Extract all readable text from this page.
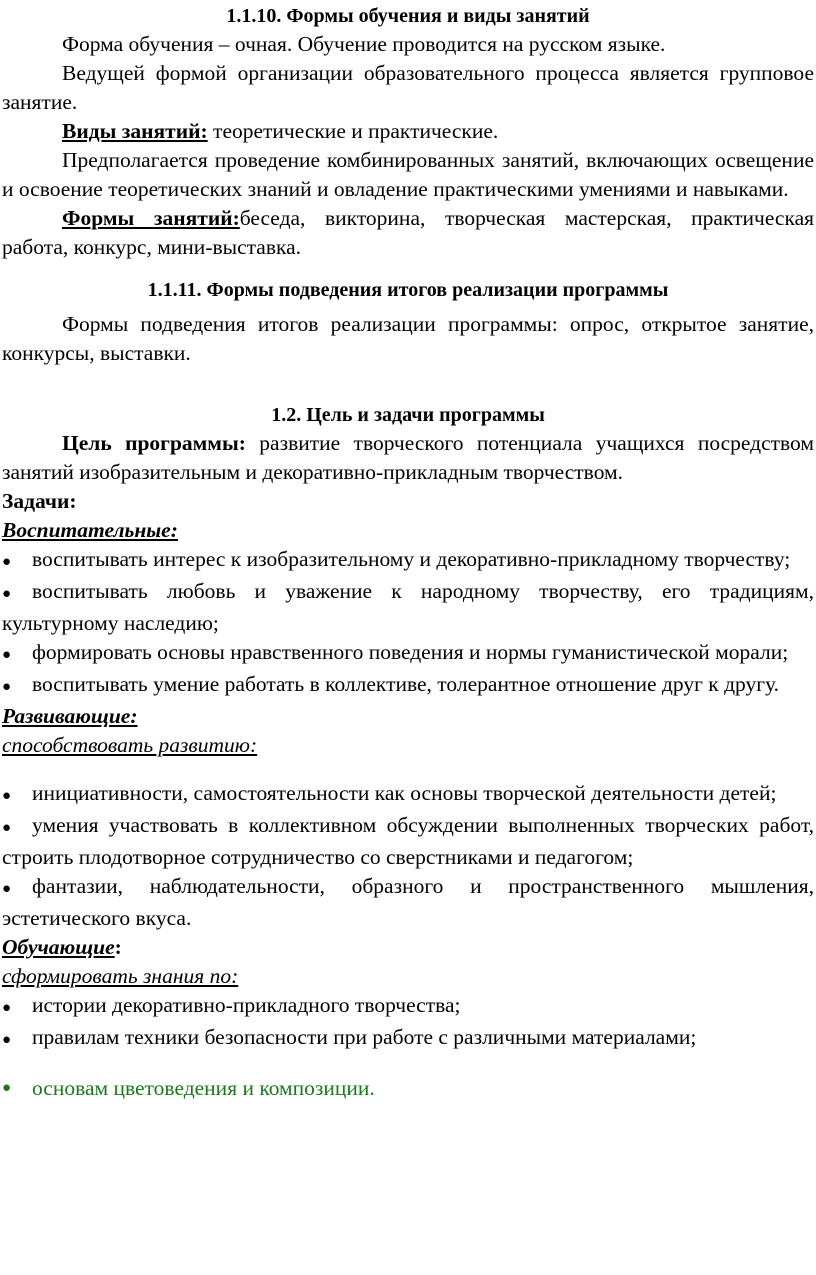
1.1.10. Формы обучения и виды занятий

Форма обучения – очная. Обучение проводится на русском языке.

Ведущей формой организации образовательного процесса является групповое занятие.

Виды занятий: теоретические и практические.

Предполагается проведение комбинированных занятий, включающих освещение и освоение теоретических знаний и овладение практическими умениями и навыками.

Формы занятий:беседа, викторина, творческая мастерская, практическая работа, конкурс, мини-выставка.

1.1.11. Формы подведения итогов реализации программы

Формы подведения итогов реализации программы: опрос, открытое занятие, конкурсы, выставки.

1.2. Цель и задачи программы

Цель программы: развитие творческого потенциала учащихся посредством занятий изобразительным и декоративно-прикладным творчеством.

Задачи:

Воспитательные:

● воспитывать интерес к изобразительному и декоративно-прикладному творчеству;
● воспитывать любовь и уважение к народному творчеству, его традициям, культурному наследию;
● формировать основы нравственного поведения и нормы гуманистической морали;
● воспитывать умение работать в коллективе, толерантное отношение друг к другу.

Развивающие:

способствовать развитию:

● инициативности, самостоятельности как основы творческой деятельности детей;
● умения участвовать в коллективном обсуждении выполненных творческих работ, строить плодотворное сотрудничество со сверстниками и педагогом;
● фантазии, наблюдательности, образного и пространственного мышления, эстетического вкуса.

Обучающие:

сформировать знания по:

● истории декоративно-прикладного творчества;
● правилам техники безопасности при работе с различными материалами;
● основам цветоведения и композиции.
